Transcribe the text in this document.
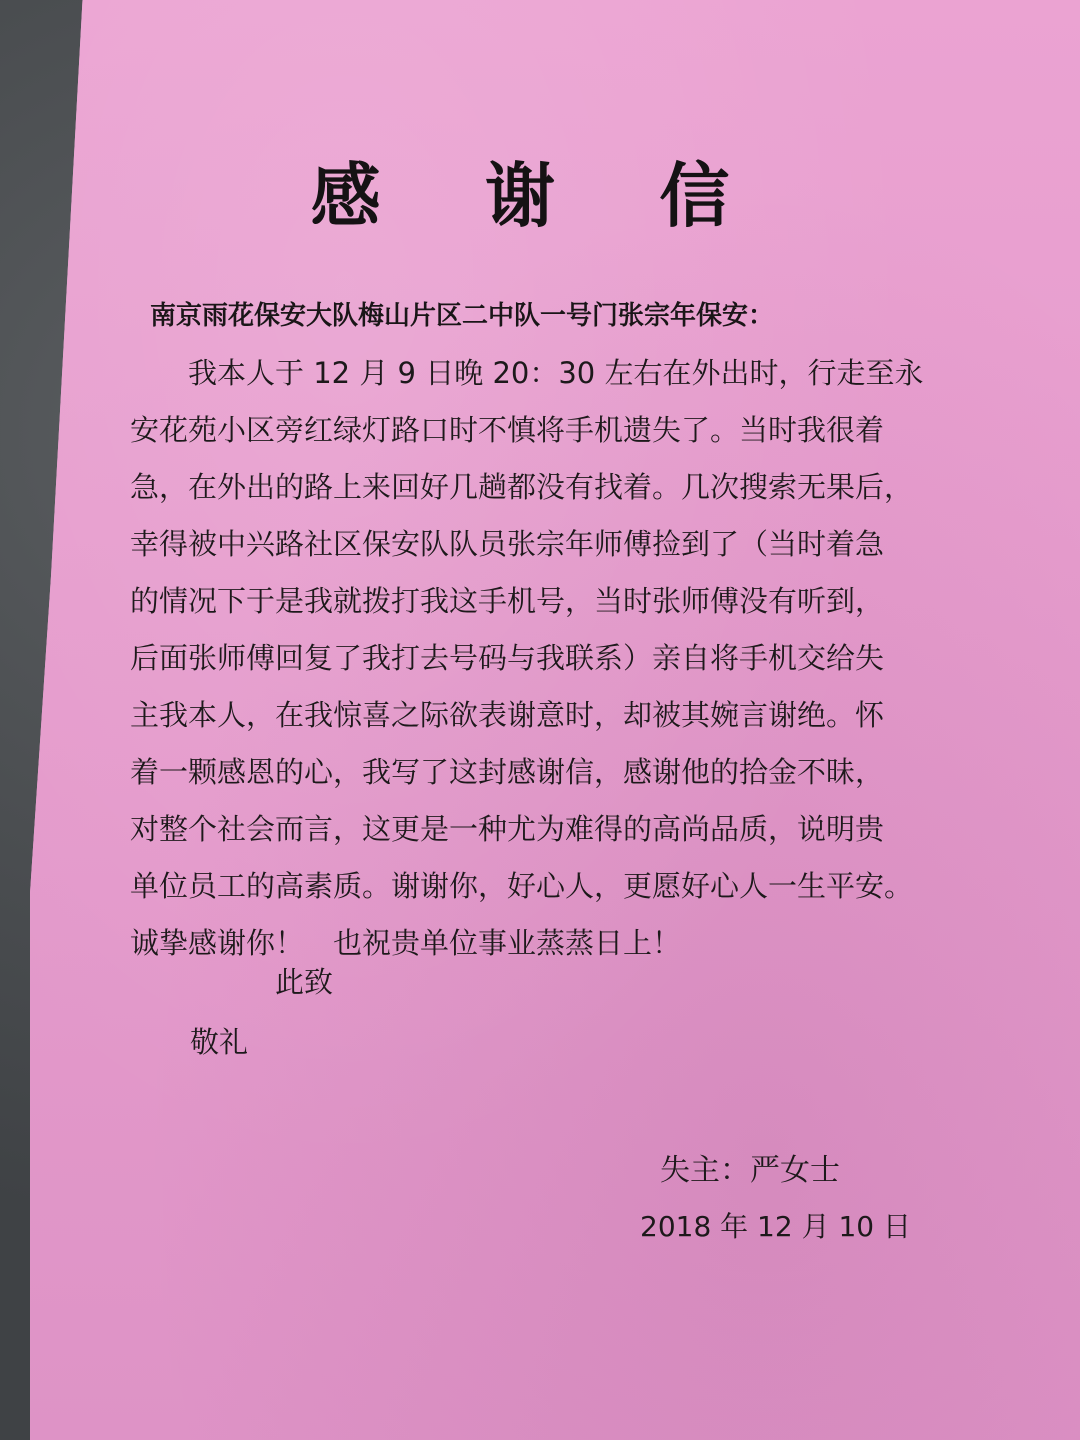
感 谢 信

南京雨花保安大队梅山片区二中队一号门张宗年保安：

　　我本人于 12 月 9 日晚 20：30 左右在外出时，行走至永
安花苑小区旁红绿灯路口时不慎将手机遗失了。当时我很着
急，在外出的路上来回好几趟都没有找着。几次搜索无果后，
幸得被中兴路社区保安队队员张宗年师傅捡到了（当时着急
的情况下于是我就拨打我这手机号，当时张师傅没有听到，
后面张师傅回复了我打去号码与我联系）亲自将手机交给失
主我本人，在我惊喜之际欲表谢意时，却被其婉言谢绝。怀
着一颗感恩的心，我写了这封感谢信，感谢他的拾金不昧，
对整个社会而言，这更是一种尤为难得的高尚品质，说明贵
单位员工的高素质。谢谢你，好心人，更愿好心人一生平安。
诚挚感谢你！　也祝贵单位事业蒸蒸日上！
此致
敬礼
失主：严女士
2018 年 12 月 10 日
